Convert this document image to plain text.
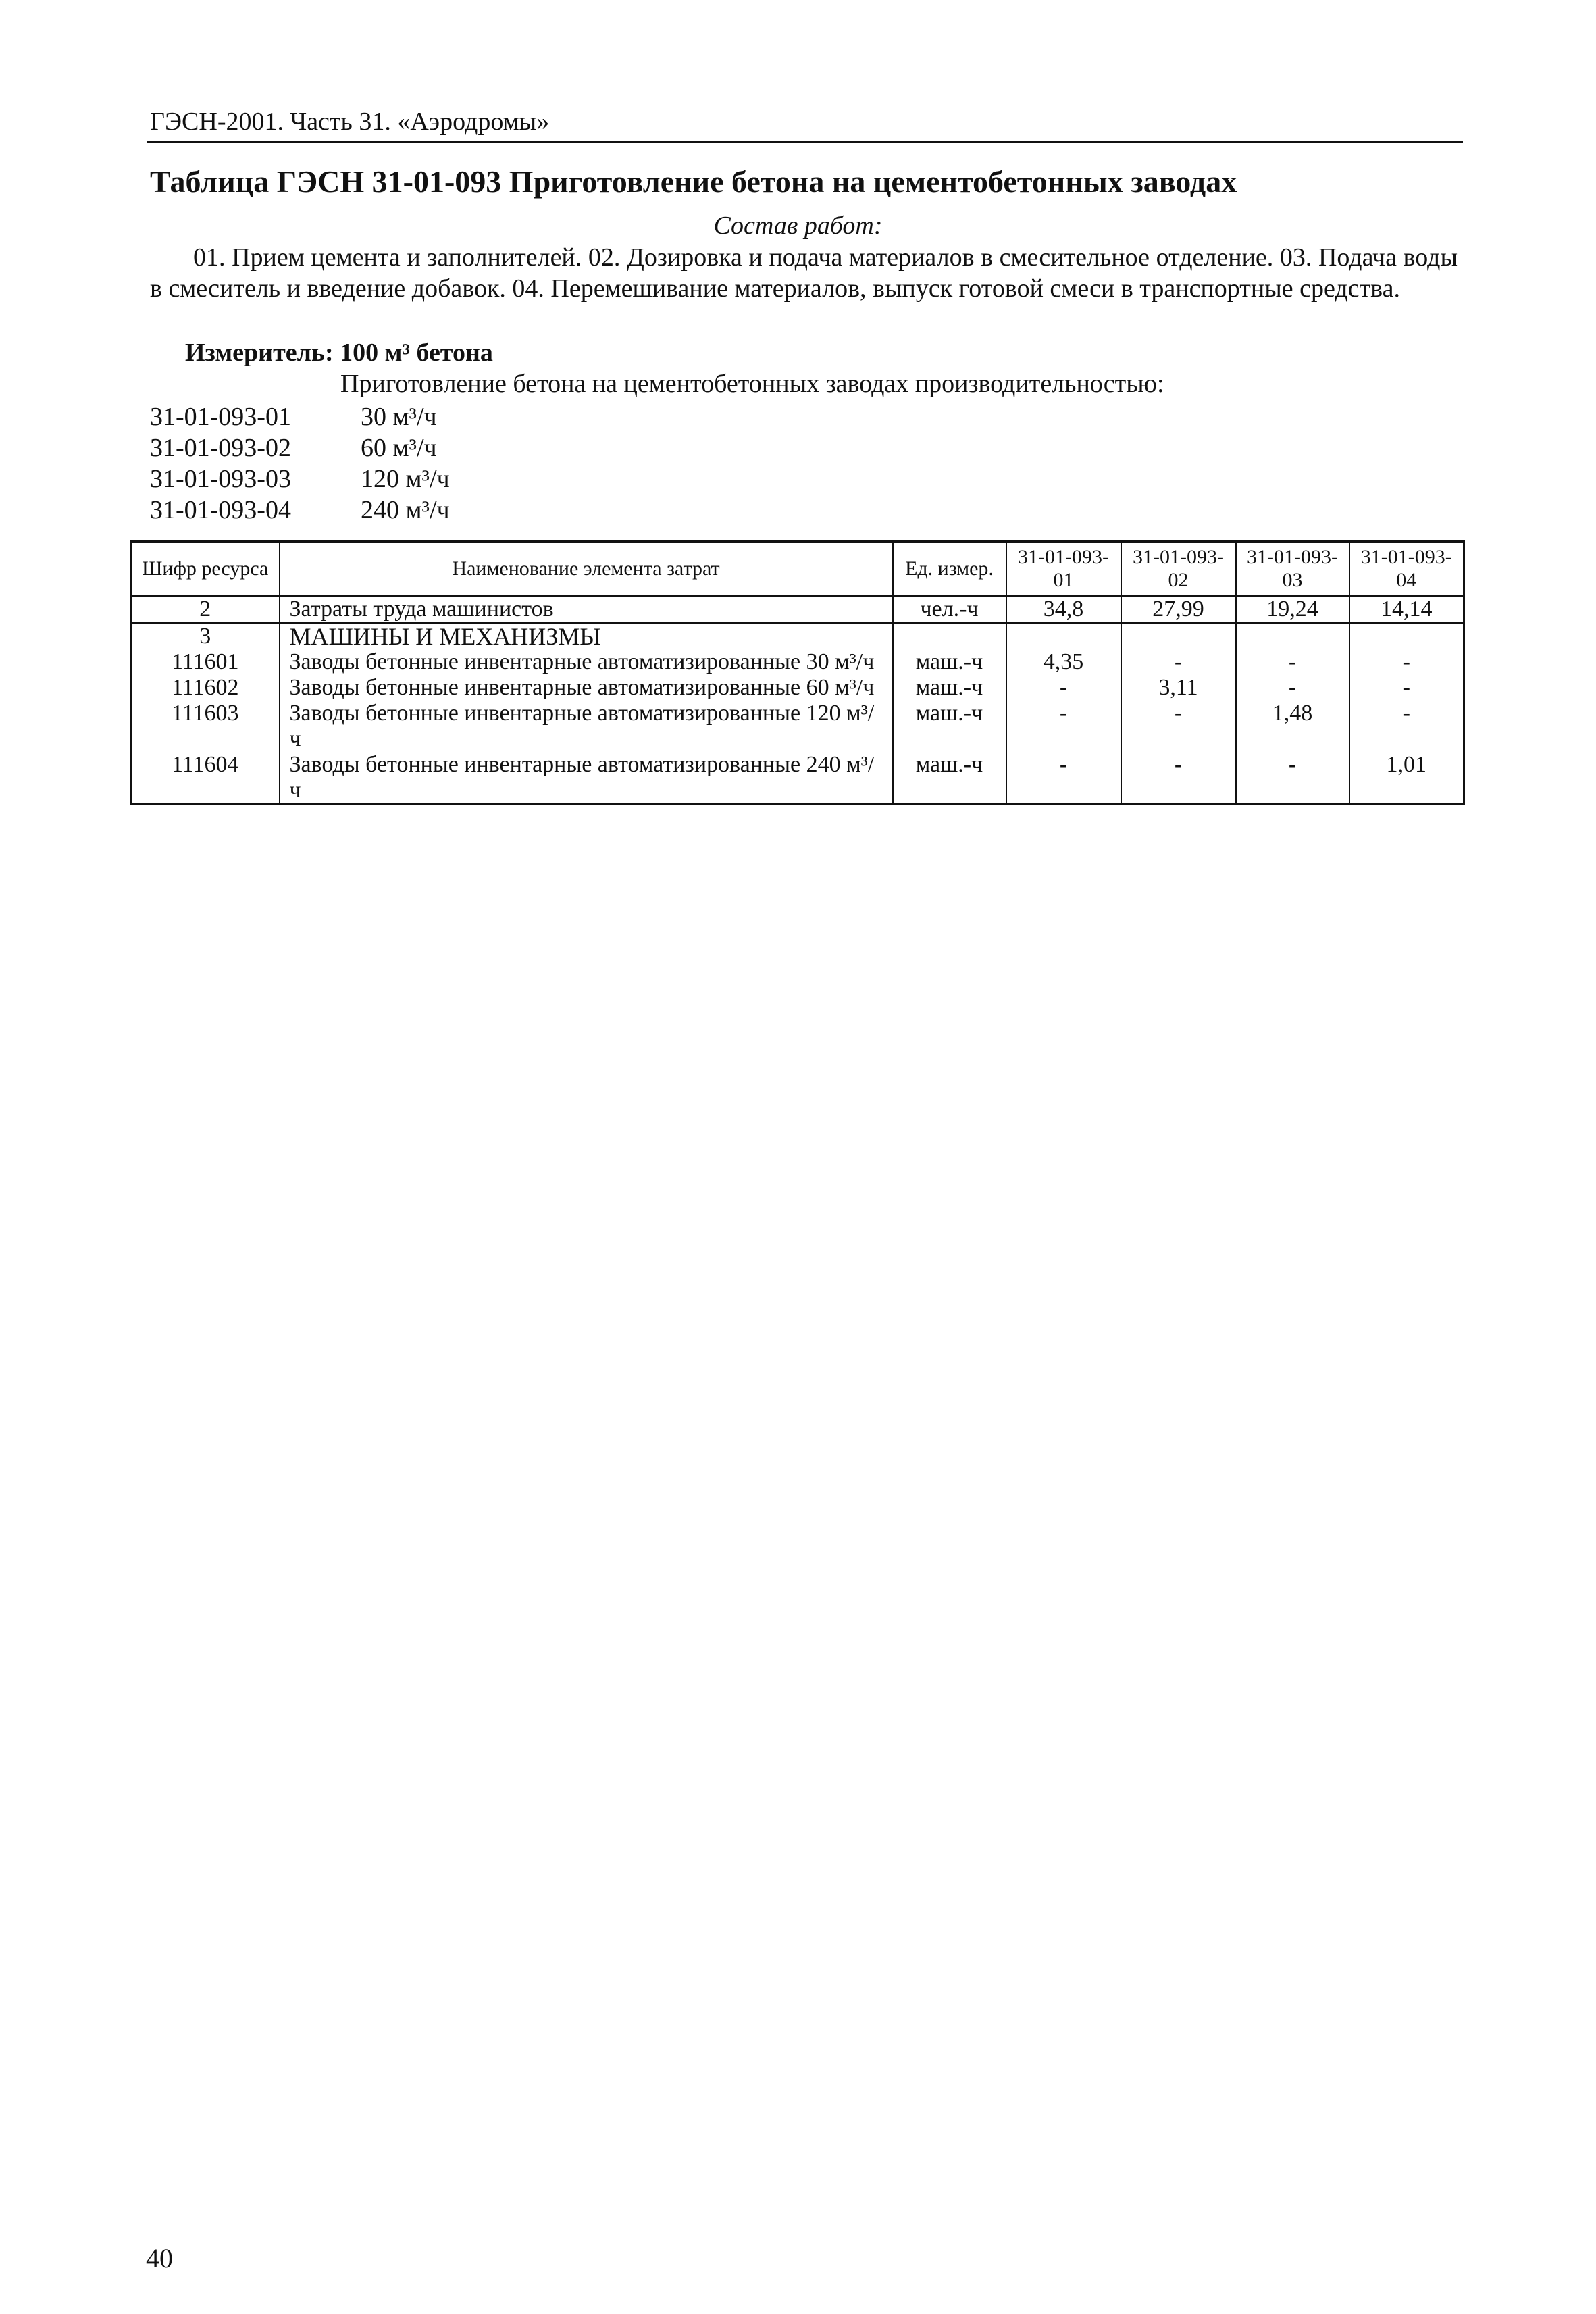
ГЭСН-2001. Часть 31. «Аэродромы»
Таблица ГЭСН 31-01-093 Приготовление бетона на цементобетонных заводах
Состав работ:
01. Прием цемента и заполнителей. 02. Дозировка и подача материалов в смесительное отделение. 03. Подача воды в смеситель и введение добавок. 04. Перемешивание материалов, выпуск готовой смеси в транспортные средства.
Измеритель: 100 м³ бетона
Приготовление бетона на цементобетонных заводах производительностью:
31-01-093-01	30 м³/ч
31-01-093-02	60 м³/ч
31-01-093-03	120 м³/ч
31-01-093-04	240 м³/ч
Шифр ресурса	Наименование элемента затрат	Ед. измер.	31-01-093-01	31-01-093-02	31-01-093-03	31-01-093-04
2	Затраты труда машинистов	чел.-ч	34,8	27,99	19,24	14,14
3	МАШИНЫ И МЕХАНИЗМЫ					
111601	Заводы бетонные инвентарные автоматизированные 30 м³/ч	маш.-ч	4,35	-	-	-
111602	Заводы бетонные инвентарные автоматизированные 60 м³/ч	маш.-ч	-	3,11	-	-
111603	Заводы бетонные инвентарные автоматизированные 120 м³/ч	маш.-ч	-	-	1,48	-
111604	Заводы бетонные инвентарные автоматизированные 240 м³/ч	маш.-ч	-	-	-	1,01
40
